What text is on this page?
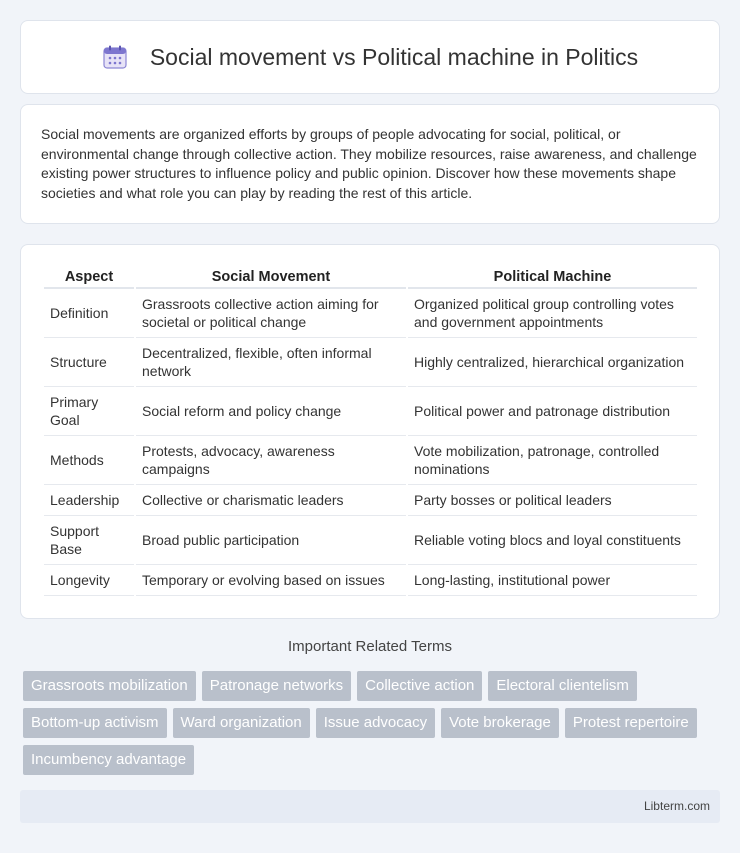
Social movement vs Political machine in Politics

Social movements are organized efforts by groups of people advocating for social, political, or environmental change through collective action. They mobilize resources, raise awareness, and challenge existing power structures to influence policy and public opinion. Discover how these movements shape societies and what role you can play by reading the rest of this article.

Aspect	Social Movement	Political Machine
Definition	Grassroots collective action aiming for societal or political change	Organized political group controlling votes and government appointments
Structure	Decentralized, flexible, often informal network	Highly centralized, hierarchical organization
Primary Goal	Social reform and policy change	Political power and patronage distribution
Methods	Protests, advocacy, awareness campaigns	Vote mobilization, patronage, controlled nominations
Leadership	Collective or charismatic leaders	Party bosses or political leaders
Support Base	Broad public participation	Reliable voting blocs and loyal constituents
Longevity	Temporary or evolving based on issues	Long-lasting, institutional power
Important Related Terms
Grassroots mobilization	Patronage networks	Collective action	Electoral clientelism
Bottom-up activism	Ward organization	Issue advocacy	Vote brokerage	Protest repertoire
Incumbency advantage
Libterm.com
